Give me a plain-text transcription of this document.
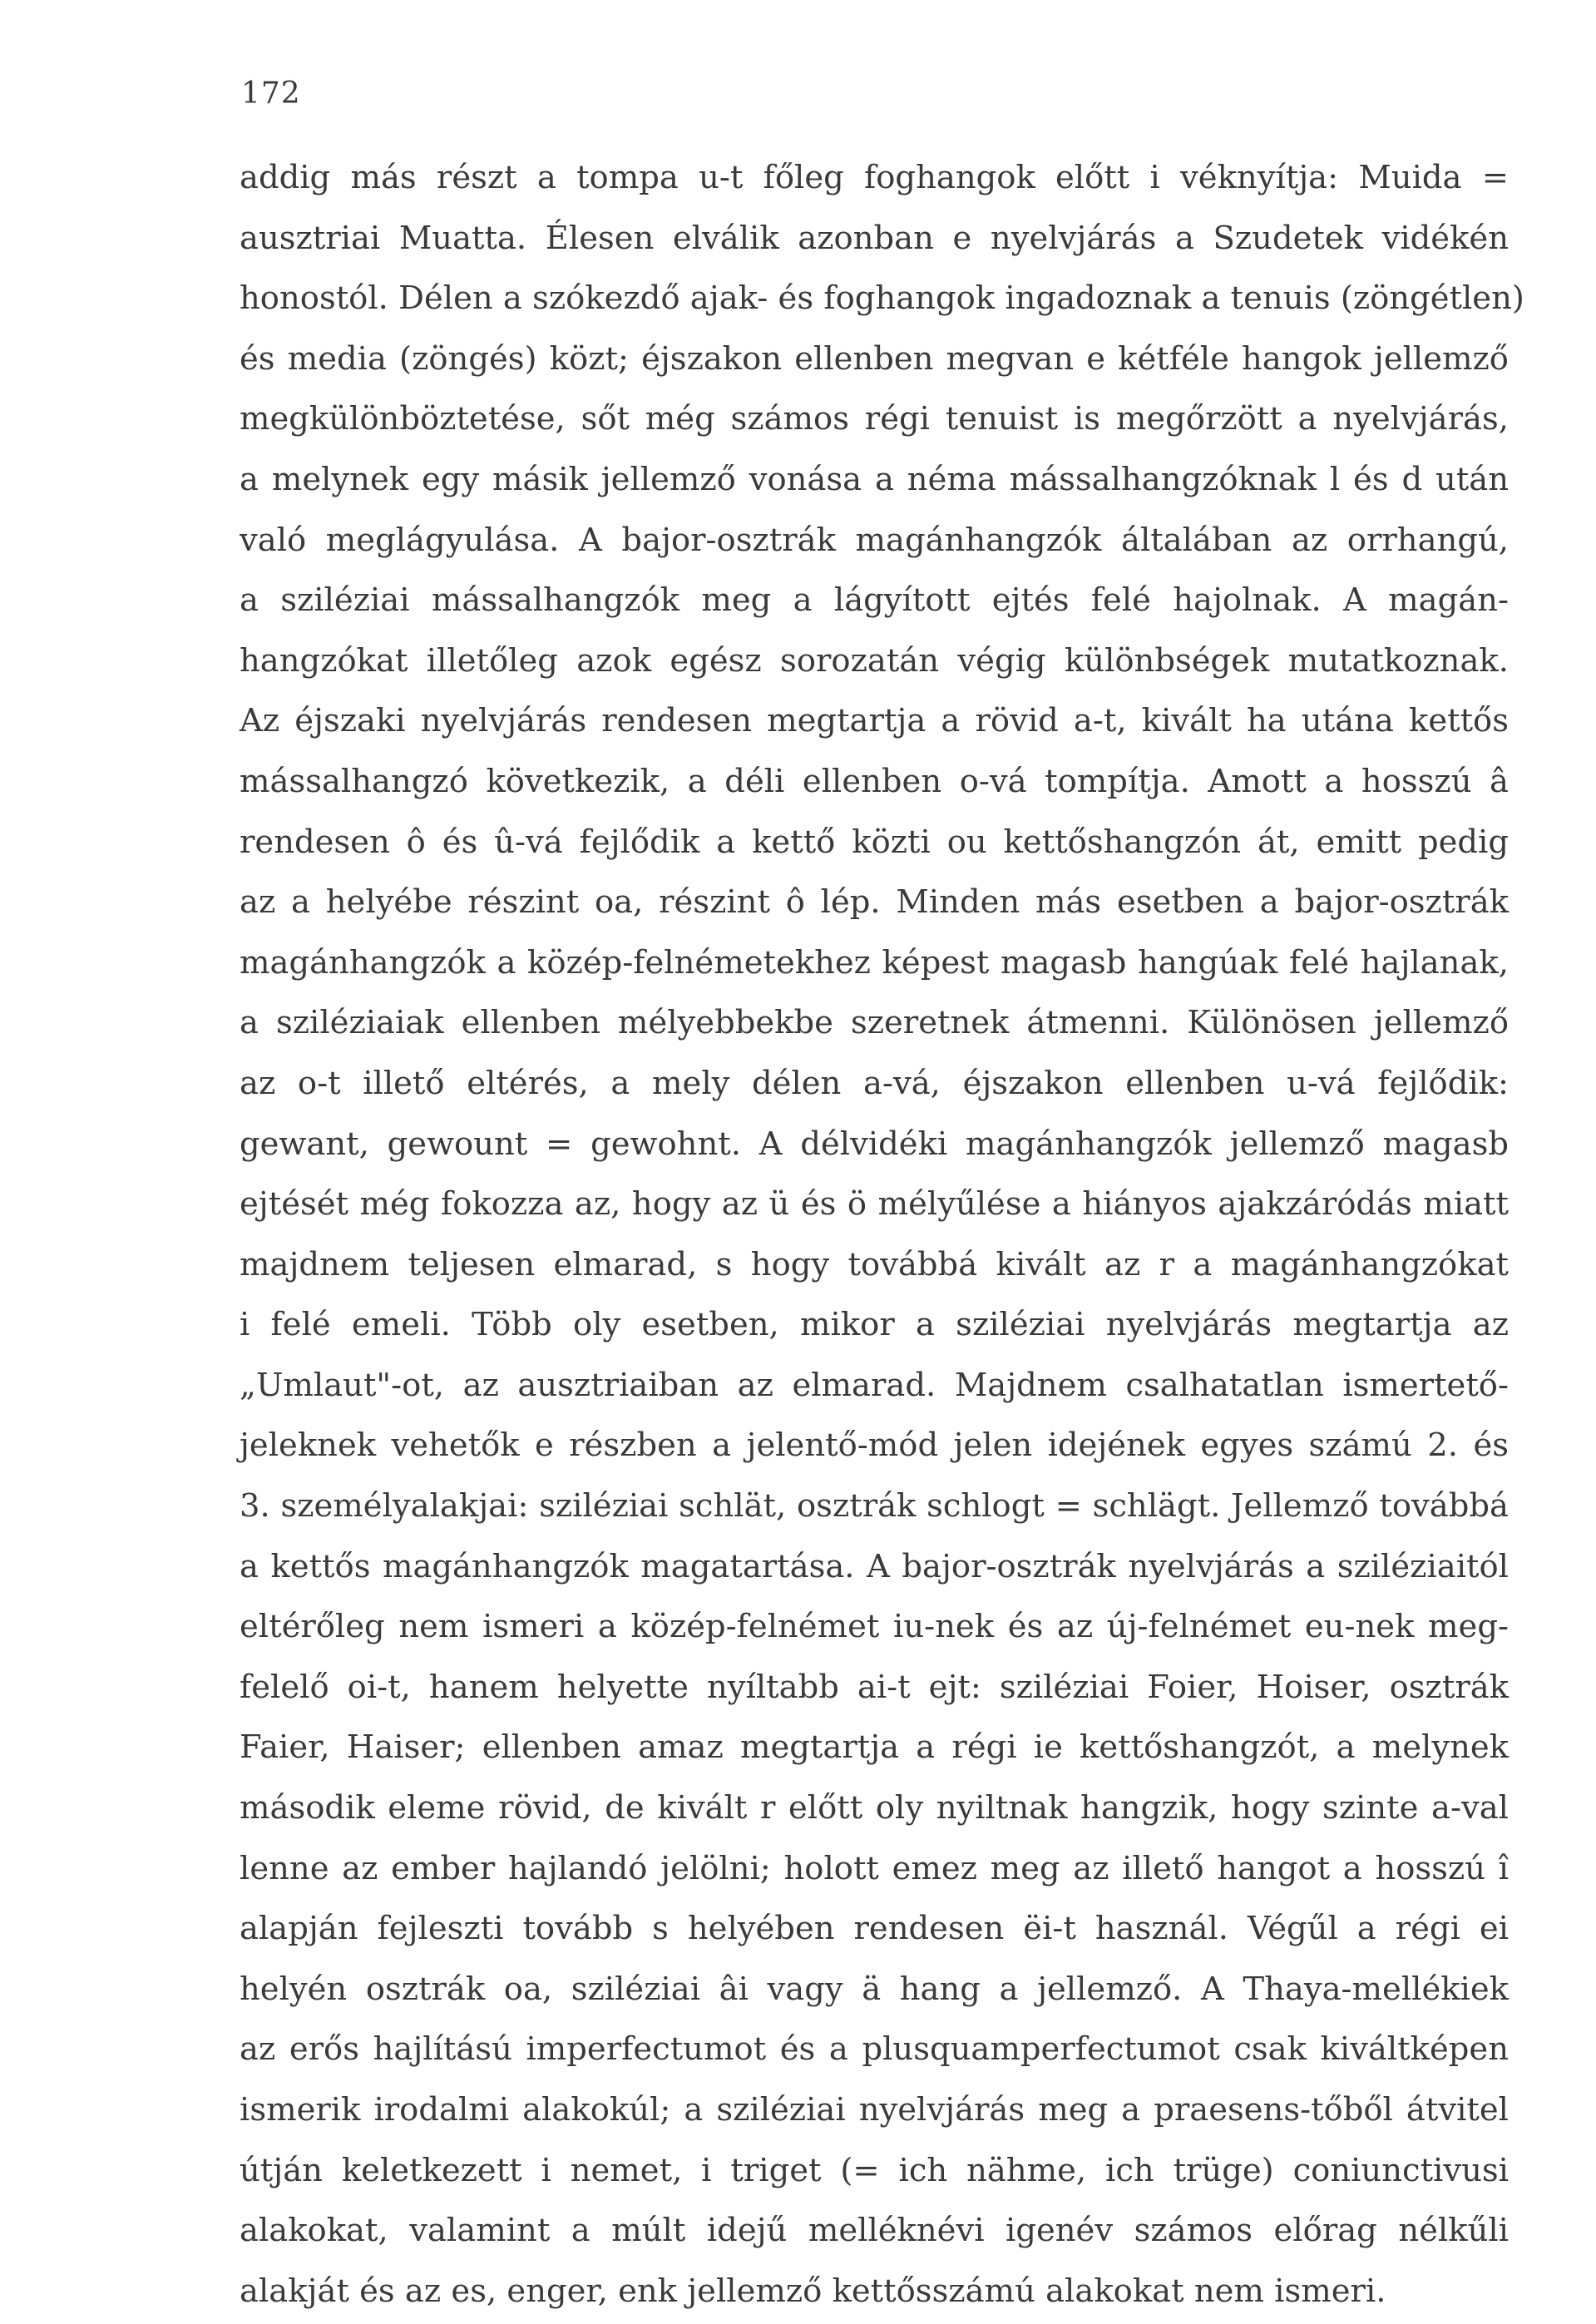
172
addig más részt a tompa u-t főleg foghangok előtt i véknyítja: Muida =
ausztriai Muatta. Élesen elválik azonban e nyelvjárás a Szudetek vidékén
honostól. Délen a szókezdő ajak- és foghangok ingadoznak a tenuis (zöngétlen)
és media (zöngés) közt; éjszakon ellenben megvan e kétféle hangok jellemző
megkülönböztetése, sőt még számos régi tenuist is megőrzött a nyelvjárás,
a melynek egy másik jellemző vonása a néma mássalhangzóknak l és d után
való meglágyulása. A bajor-osztrák magánhangzók általában az orrhangú,
a sziléziai mássalhangzók meg a lágyított ejtés felé hajolnak. A magán-
hangzókat illetőleg azok egész sorozatán végig különbségek mutatkoznak.
Az éjszaki nyelvjárás rendesen megtartja a rövid a-t, kivált ha utána kettős
mássalhangzó következik, a déli ellenben o-vá tompítja. Amott a hosszú â
rendesen ô és û-vá fejlődik a kettő közti ou kettőshangzón át, emitt pedig
az a helyébe részint oa, részint ô lép. Minden más esetben a bajor-osztrák
magánhangzók a közép-felnémetekhez képest magasb hangúak felé hajlanak,
a sziléziaiak ellenben mélyebbekbe szeretnek átmenni. Különösen jellemző
az o-t illető eltérés, a mely délen a-vá, éjszakon ellenben u-vá fejlődik:
gewant, gewount = gewohnt. A délvidéki magánhangzók jellemző magasb
ejtését még fokozza az, hogy az ü és ö mélyűlése a hiányos ajakzáródás miatt
majdnem teljesen elmarad, s hogy továbbá kivált az r a magánhangzókat
i felé emeli. Több oly esetben, mikor a sziléziai nyelvjárás megtartja az
„Umlaut"-ot, az ausztriaiban az elmarad. Majdnem csalhatatlan ismertető-
jeleknek vehetők e részben a jelentő-mód jelen idejének egyes számú 2. és
3. személyalakjai: sziléziai schlät, osztrák schlogt = schlägt. Jellemző továbbá
a kettős magánhangzók magatartása. A bajor-osztrák nyelvjárás a sziléziaitól
eltérőleg nem ismeri a közép-felnémet iu-nek és az új-felnémet eu-nek meg-
felelő oi-t, hanem helyette nyíltabb ai-t ejt: sziléziai Foier, Hoiser, osztrák
Faier, Haiser; ellenben amaz megtartja a régi ie kettőshangzót, a melynek
második eleme rövid, de kivált r előtt oly nyiltnak hangzik, hogy szinte a-val
lenne az ember hajlandó jelölni; holott emez meg az illető hangot a hosszú î
alapján fejleszti tovább s helyében rendesen ëi-t használ. Végűl a régi ei
helyén osztrák oa, sziléziai âi vagy ä hang a jellemző. A Thaya-mellékiek
az erős hajlítású imperfectumot és a plusquamperfectumot csak kiváltképen
ismerik irodalmi alakokúl; a sziléziai nyelvjárás meg a praesens-tőből átvitel
útján keletkezett i nemet, i triget (= ich nähme, ich trüge) coniunctivusi
alakokat, valamint a múlt idejű melléknévi igenév számos előrag nélkűli
alakját és az es, enger, enk jellemző kettősszámú alakokat nem ismeri.
